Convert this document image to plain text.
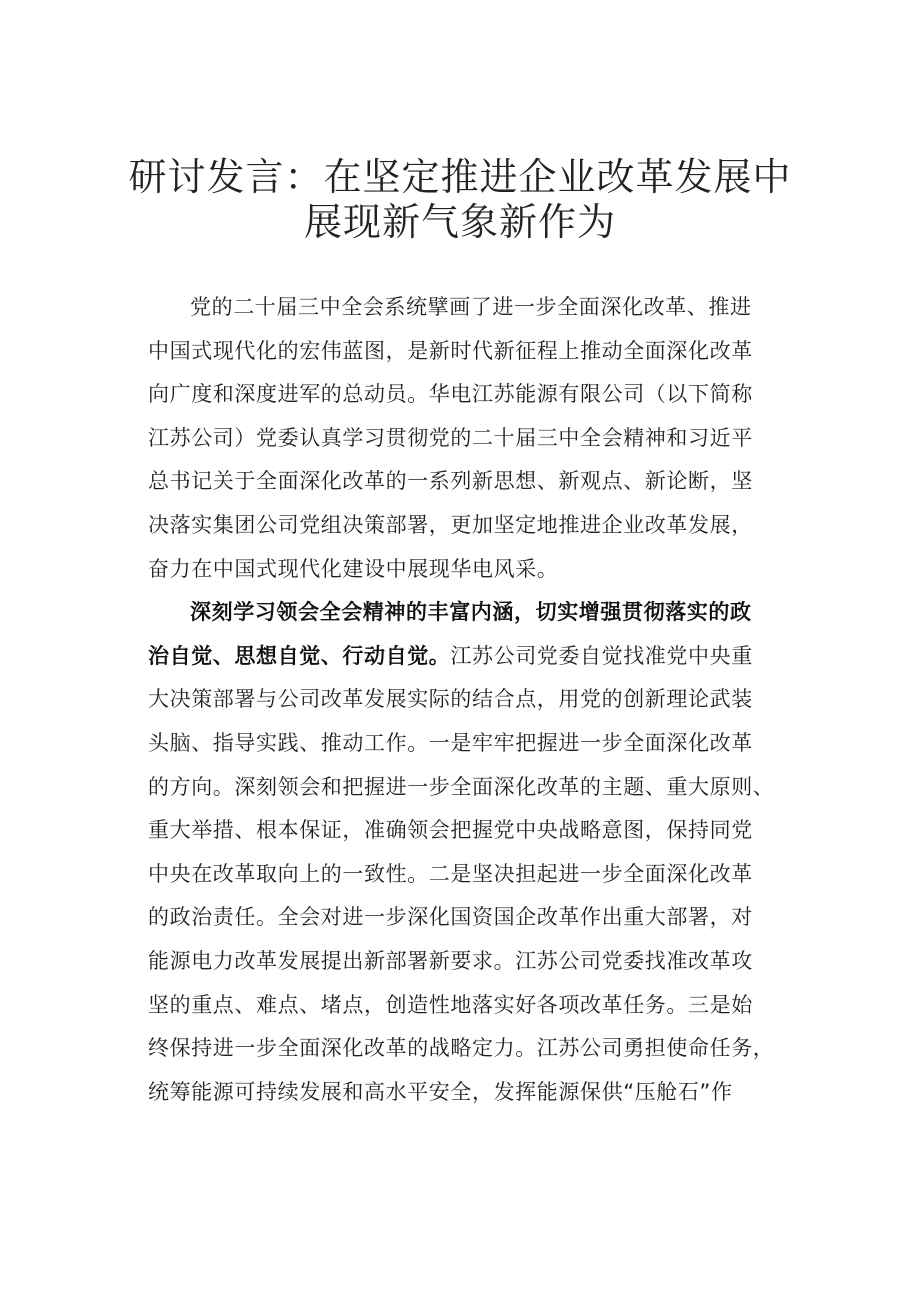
研讨发言：在坚定推进企业改革发展中
展现新气象新作为
党的二十届三中全会系统擘画了进一步全面深化改革、推进
中国式现代化的宏伟蓝图，是新时代新征程上推动全面深化改革
向广度和深度进军的总动员。华电江苏能源有限公司（以下简称
江苏公司）党委认真学习贯彻党的二十届三中全会精神和习近平
总书记关于全面深化改革的一系列新思想、新观点、新论断，坚
决落实集团公司党组决策部署，更加坚定地推进企业改革发展，
奋力在中国式现代化建设中展现华电风采。
深刻学习领会全会精神的丰富内涵，切实增强贯彻落实的政
治自觉、思想自觉、行动自觉。江苏公司党委自觉找准党中央重
大决策部署与公司改革发展实际的结合点，用党的创新理论武装
头脑、指导实践、推动工作。一是牢牢把握进一步全面深化改革
的方向。深刻领会和把握进一步全面深化改革的主题、重大原则、
重大举措、根本保证，准确领会把握党中央战略意图，保持同党
中央在改革取向上的一致性。二是坚决担起进一步全面深化改革
的政治责任。全会对进一步深化国资国企改革作出重大部署，对
能源电力改革发展提出新部署新要求。江苏公司党委找准改革攻
坚的重点、难点、堵点，创造性地落实好各项改革任务。三是始
终保持进一步全面深化改革的战略定力。江苏公司勇担使命任务，
统筹能源可持续发展和高水平安全，发挥能源保供“压舱石”作
